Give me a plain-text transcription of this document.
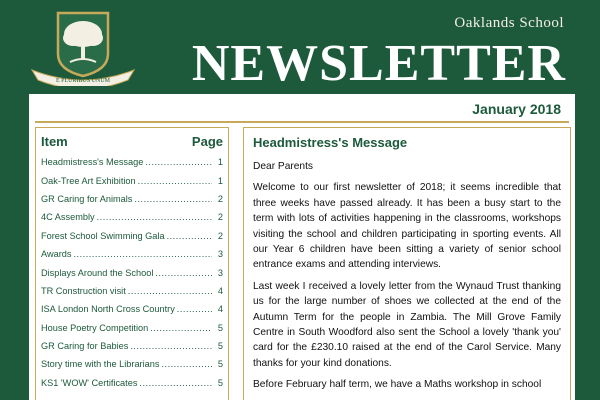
E PLURIBUS UNUM
Oaklands School
NEWSLETTER
January 2018
Item	Page
Headmistress's Message .....	1
Oak-Tree Art Exhibition .....	1
GR Caring for Animals .....	2
4C Assembly .....	2
Forest School Swimming Gala .....	2
Awards .....	3
Displays Around the School .....	3
TR Construction visit .....	4
ISA London North Cross Country .....	4
House Poetry Competition .....	5
GR Caring for Babies .....	5
Story time with the Librarians .....	5
KS1 'WOW' Certificates .....	5
Headmistress's Message

Dear Parents

Welcome to our first newsletter of 2018; it seems incredible that three weeks have passed already. It has been a busy start to the term with lots of activities happening in the classrooms, workshops visiting the school and children participating in sporting events. All our Year 6 children have been sitting a variety of senior school entrance exams and attending interviews.

Last week I received a lovely letter from the Wynaud Trust thanking us for the large number of shoes we collected at the end of the Autumn Term for the people in Zambia. The Mill Grove Family Centre in South Woodford also sent the School a lovely 'thank you' card for the £230.10 raised at the end of the Carol Service. Many thanks for your kind donations.

Before February half term, we have a Maths workshop in school
